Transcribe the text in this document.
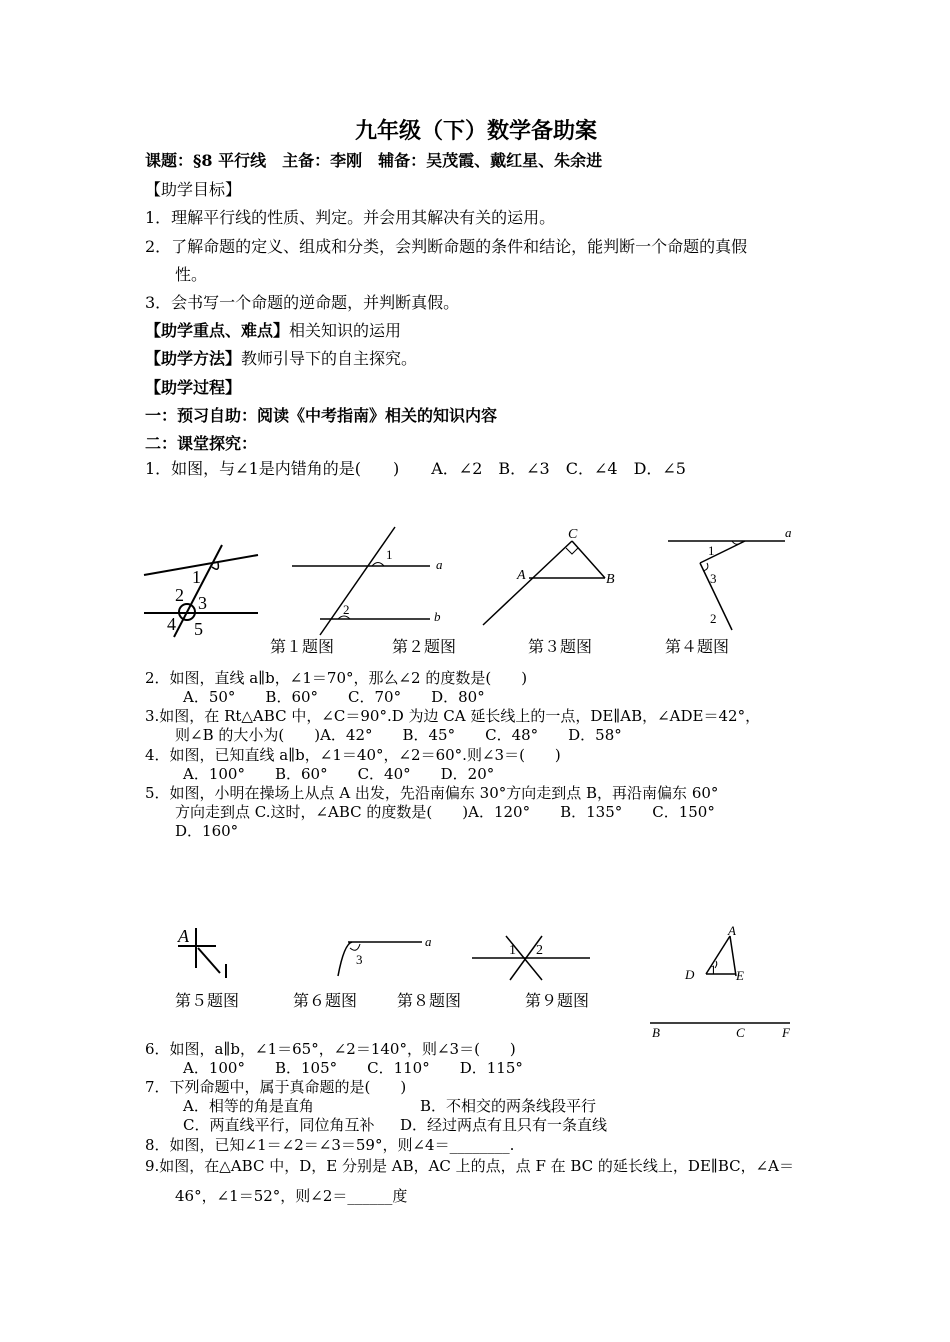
九年级（下）数学备助案
课题：§8 平行线　主备：李刚　辅备：吴茂霞、戴红星、朱余进
【助学目标】
1．理解平行线的性质、判定。并会用其解决有关的运用。
2．了解命题的定义、组成和分类，会判断命题的条件和结论，能判断一个命题的真假
性。
3．会书写一个命题的逆命题，并判断真假。
【助学重点、难点】相关知识的运用
【助学方法】教师引导下的自主探究。
【助学过程】
一：预习自助：阅读《中考指南》相关的知识内容
二：课堂探究：
1．如图，与∠1是内错角的是(　　)　　A．∠2　B．∠3　C．∠4　D．∠5
1
2 3
4 5
1
2
a
b
C
A	B
a
1
3
2
第１题图	第２题图	第３题图	第４题图
2．如图，直线 a∥b，∠1＝70°，那么∠2 的度数是(　　)
A．50°　　B．60°　　C．70°　　D．80°
3.如图，在 Rt△ABC 中，∠C＝90°.D 为边 CA 延长线上的一点，DE∥AB，∠ADE＝42°，
则∠B 的大小为(　　)A．42°　　B．45°　　C．48°　　D．58°
4．如图，已知直线 a∥b，∠1＝40°，∠2＝60°.则∠3＝(　　)
A．100°　　B．60°　　C．40°　　D．20°
5．如图，小明在操场上从点 A 出发，先沿南偏东 30°方向走到点 B，再沿南偏东 60°
方向走到点 C.这时，∠ABC 的度数是(　　)A．120°　　B．135°　　C．150°
D．160°
A	a
3
1 2
A
D 1 E
B	C	F
第５题图	第６题图 第８题图	第９题图
6．如图，a∥b，∠1＝65°，∠2＝140°，则∠3＝(　　)
A．100°　　B．105°　　C．110°　　D．115°
7．下列命题中，属于真命题的是(　　)
A．相等的角是直角	B．不相交的两条线段平行
C．两直线平行，同位角互补 D．经过两点有且只有一条直线
8．如图，已知∠1＝∠2＝∠3＝59°，则∠4＝________.
9.如图，在△ABC 中，D，E 分别是 AB，AC 上的点，点 F 在 BC 的延长线上，DE∥BC，∠A＝
46°，∠1＝52°，则∠2＝______度
